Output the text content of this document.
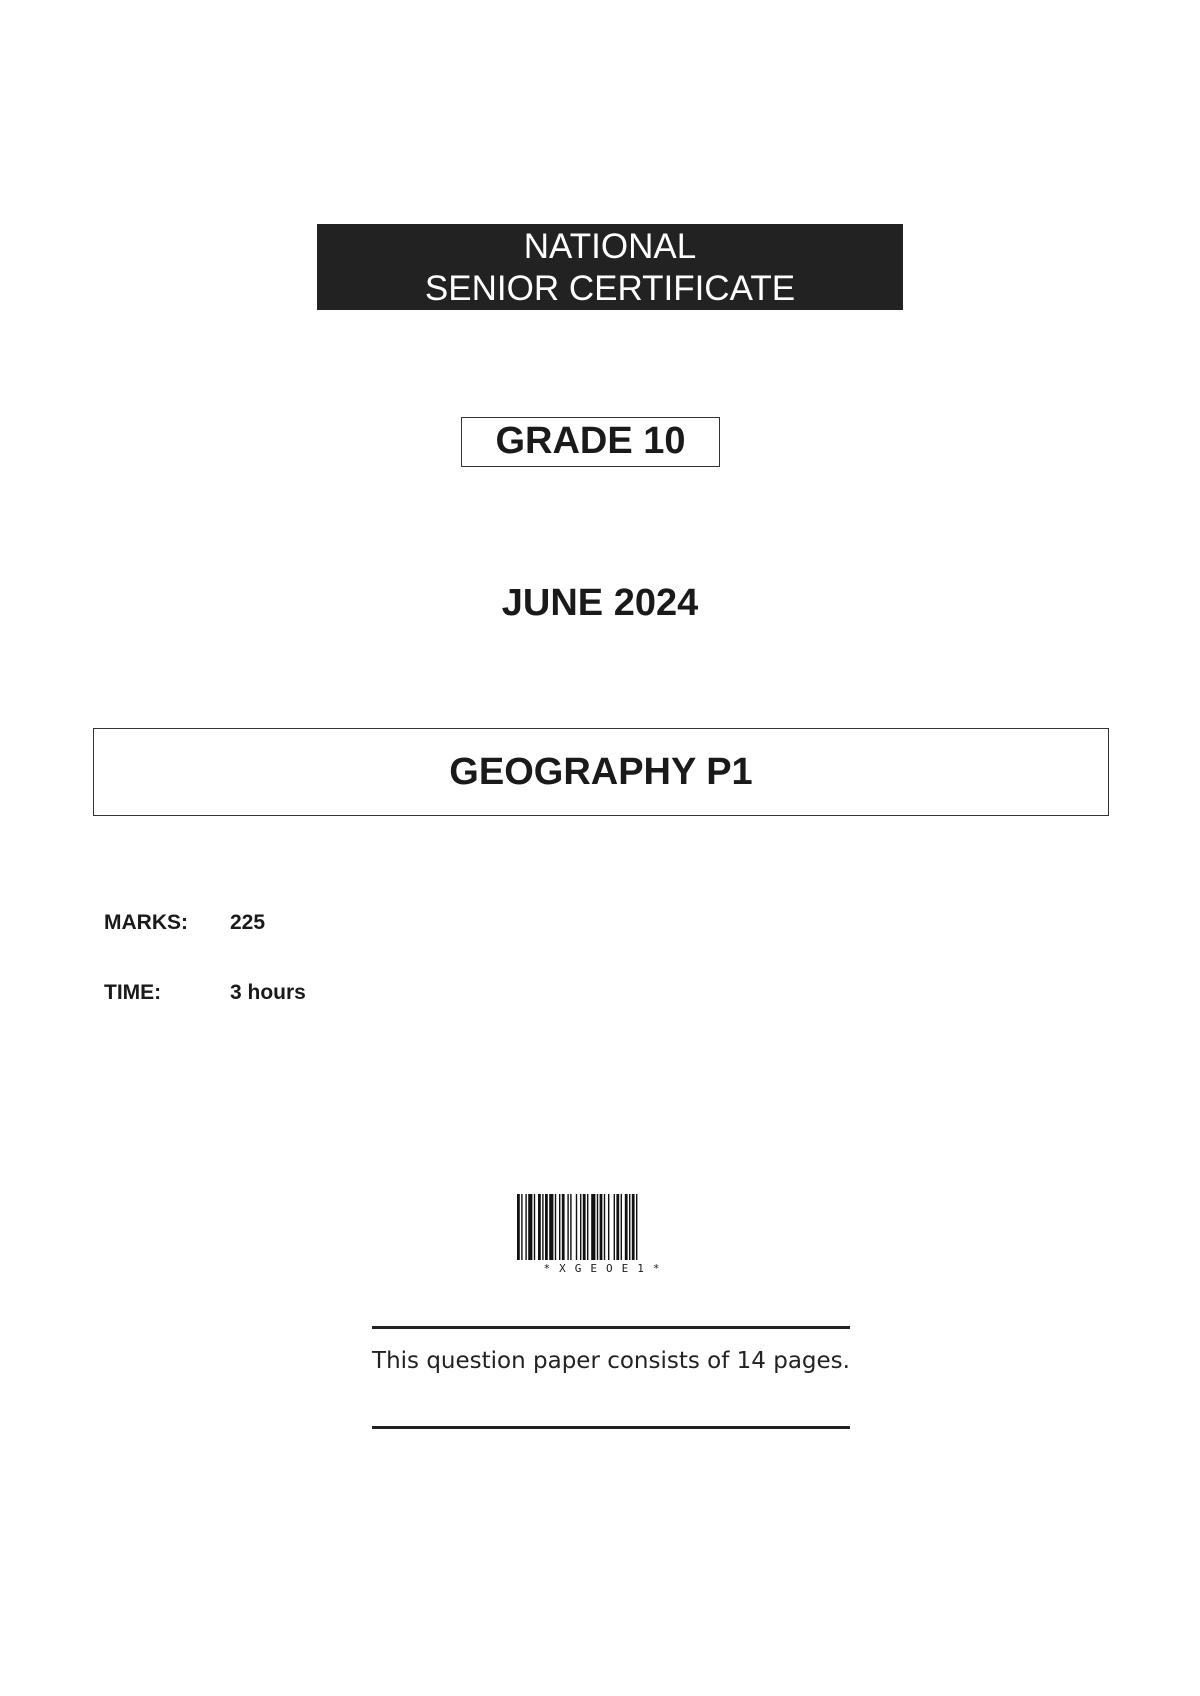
NATIONAL
SENIOR CERTIFICATE
GRADE 10
JUNE 2024
GEOGRAPHY P1
MARKS:	225
TIME:	3 hours
*XGEOE1*
This question paper consists of 14 pages.
